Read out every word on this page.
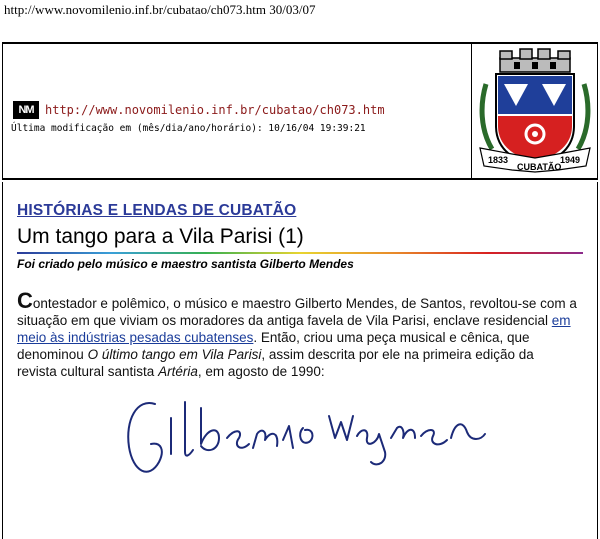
http://www.novomilenio.inf.br/cubatao/ch073.htm 30/03/07
NM http://www.novomilenio.inf.br/cubatao/ch073.htm
Última modificação em (mês/dia/ano/horário): 10/16/04 19:39:21
1833	1949
CUBATÃO
HISTÓRIAS E LENDAS DE CUBATÃO
Um tango para a Vila Parisi (1)
Foi criado pelo músico e maestro santista Gilberto Mendes
Contestador e polêmico, o músico e maestro Gilberto Mendes, de Santos, revoltou-se com a situação em que viviam os moradores da antiga favela de Vila Parisi, enclave residencial em meio às indústrias pesadas cubatenses. Então, criou uma peça musical e cênica, que denominou O último tango em Vila Parisi, assim descrita por ele na primeira edição da revista cultural santista Artéria, em agosto de 1990:
